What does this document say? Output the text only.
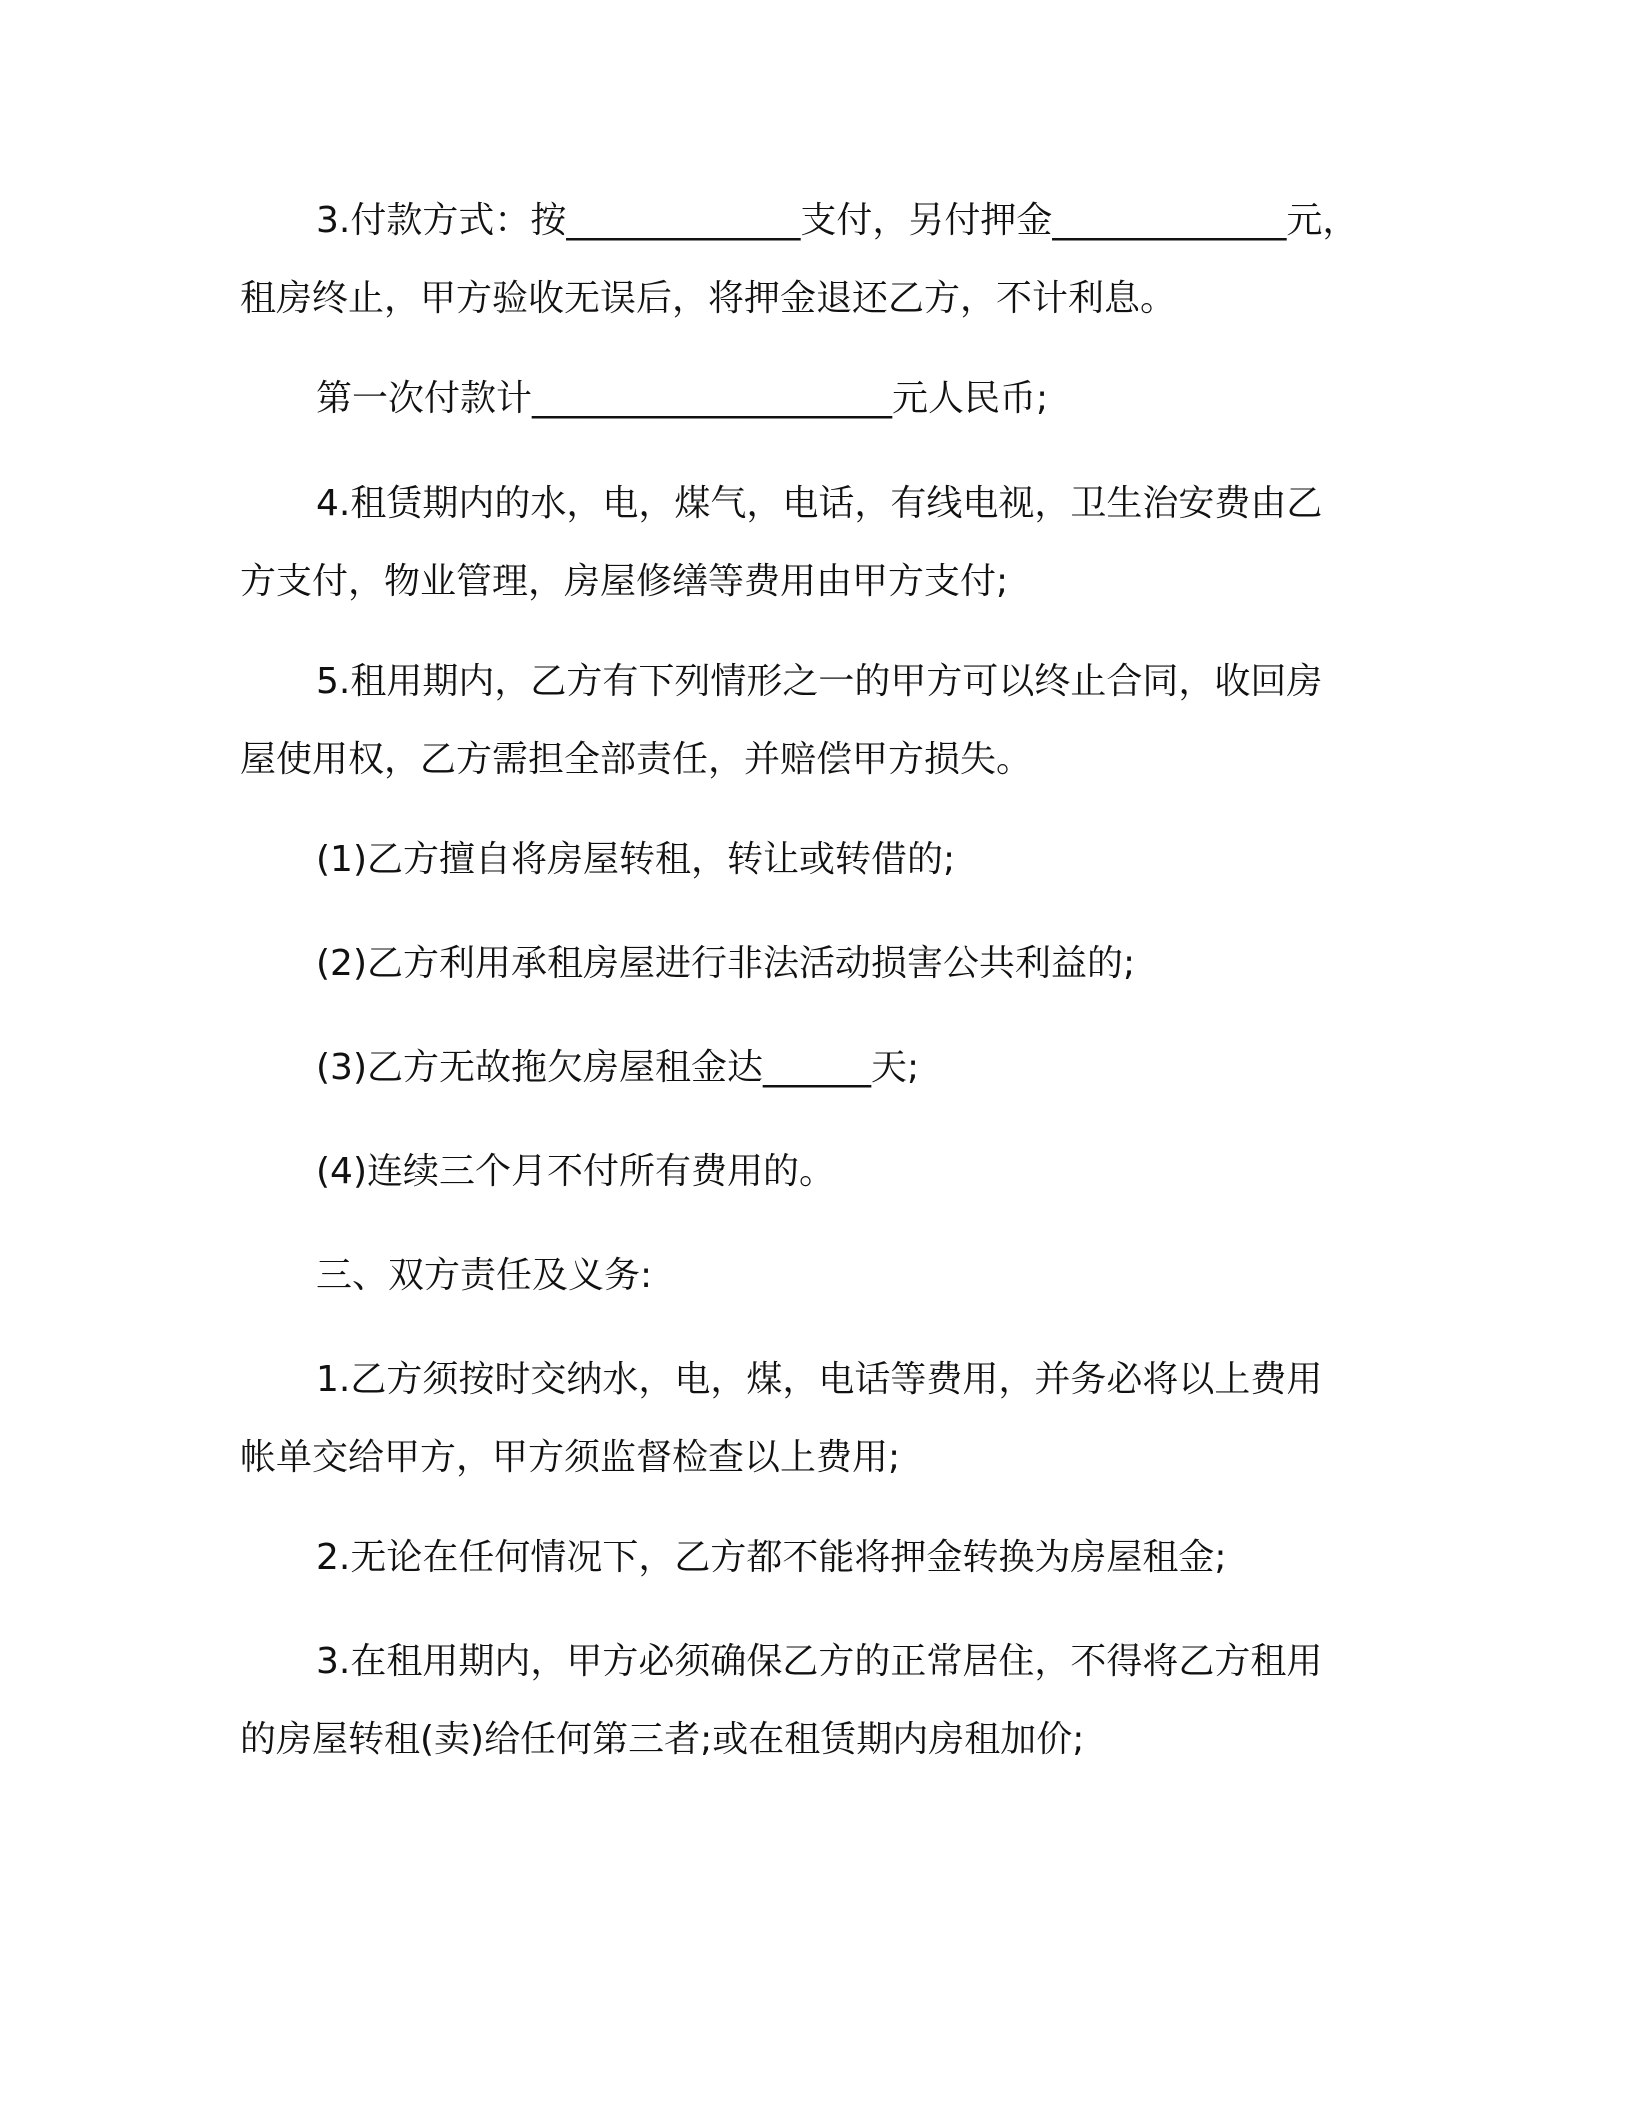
3.付款方式：按_____________支付，另付押金_____________元，
租房终止，甲方验收无误后，将押金退还乙方，不计利息。

第一次付款计____________________元人民币;

4.租赁期内的水，电，煤气，电话，有线电视，卫生治安费由乙
方支付，物业管理，房屋修缮等费用由甲方支付;

5.租用期内，乙方有下列情形之一的甲方可以终止合同，收回房
屋使用权，乙方需担全部责任，并赔偿甲方损失。

(1)乙方擅自将房屋转租，转让或转借的;

(2)乙方利用承租房屋进行非法活动损害公共利益的;

(3)乙方无故拖欠房屋租金达______天;

(4)连续三个月不付所有费用的。

三、双方责任及义务:

1.乙方须按时交纳水，电，煤，电话等费用，并务必将以上费用
帐单交给甲方，甲方须监督检查以上费用;

2.无论在任何情况下，乙方都不能将押金转换为房屋租金;

3.在租用期内，甲方必须确保乙方的正常居住，不得将乙方租用
的房屋转租(卖)给任何第三者;或在租赁期内房租加价;
